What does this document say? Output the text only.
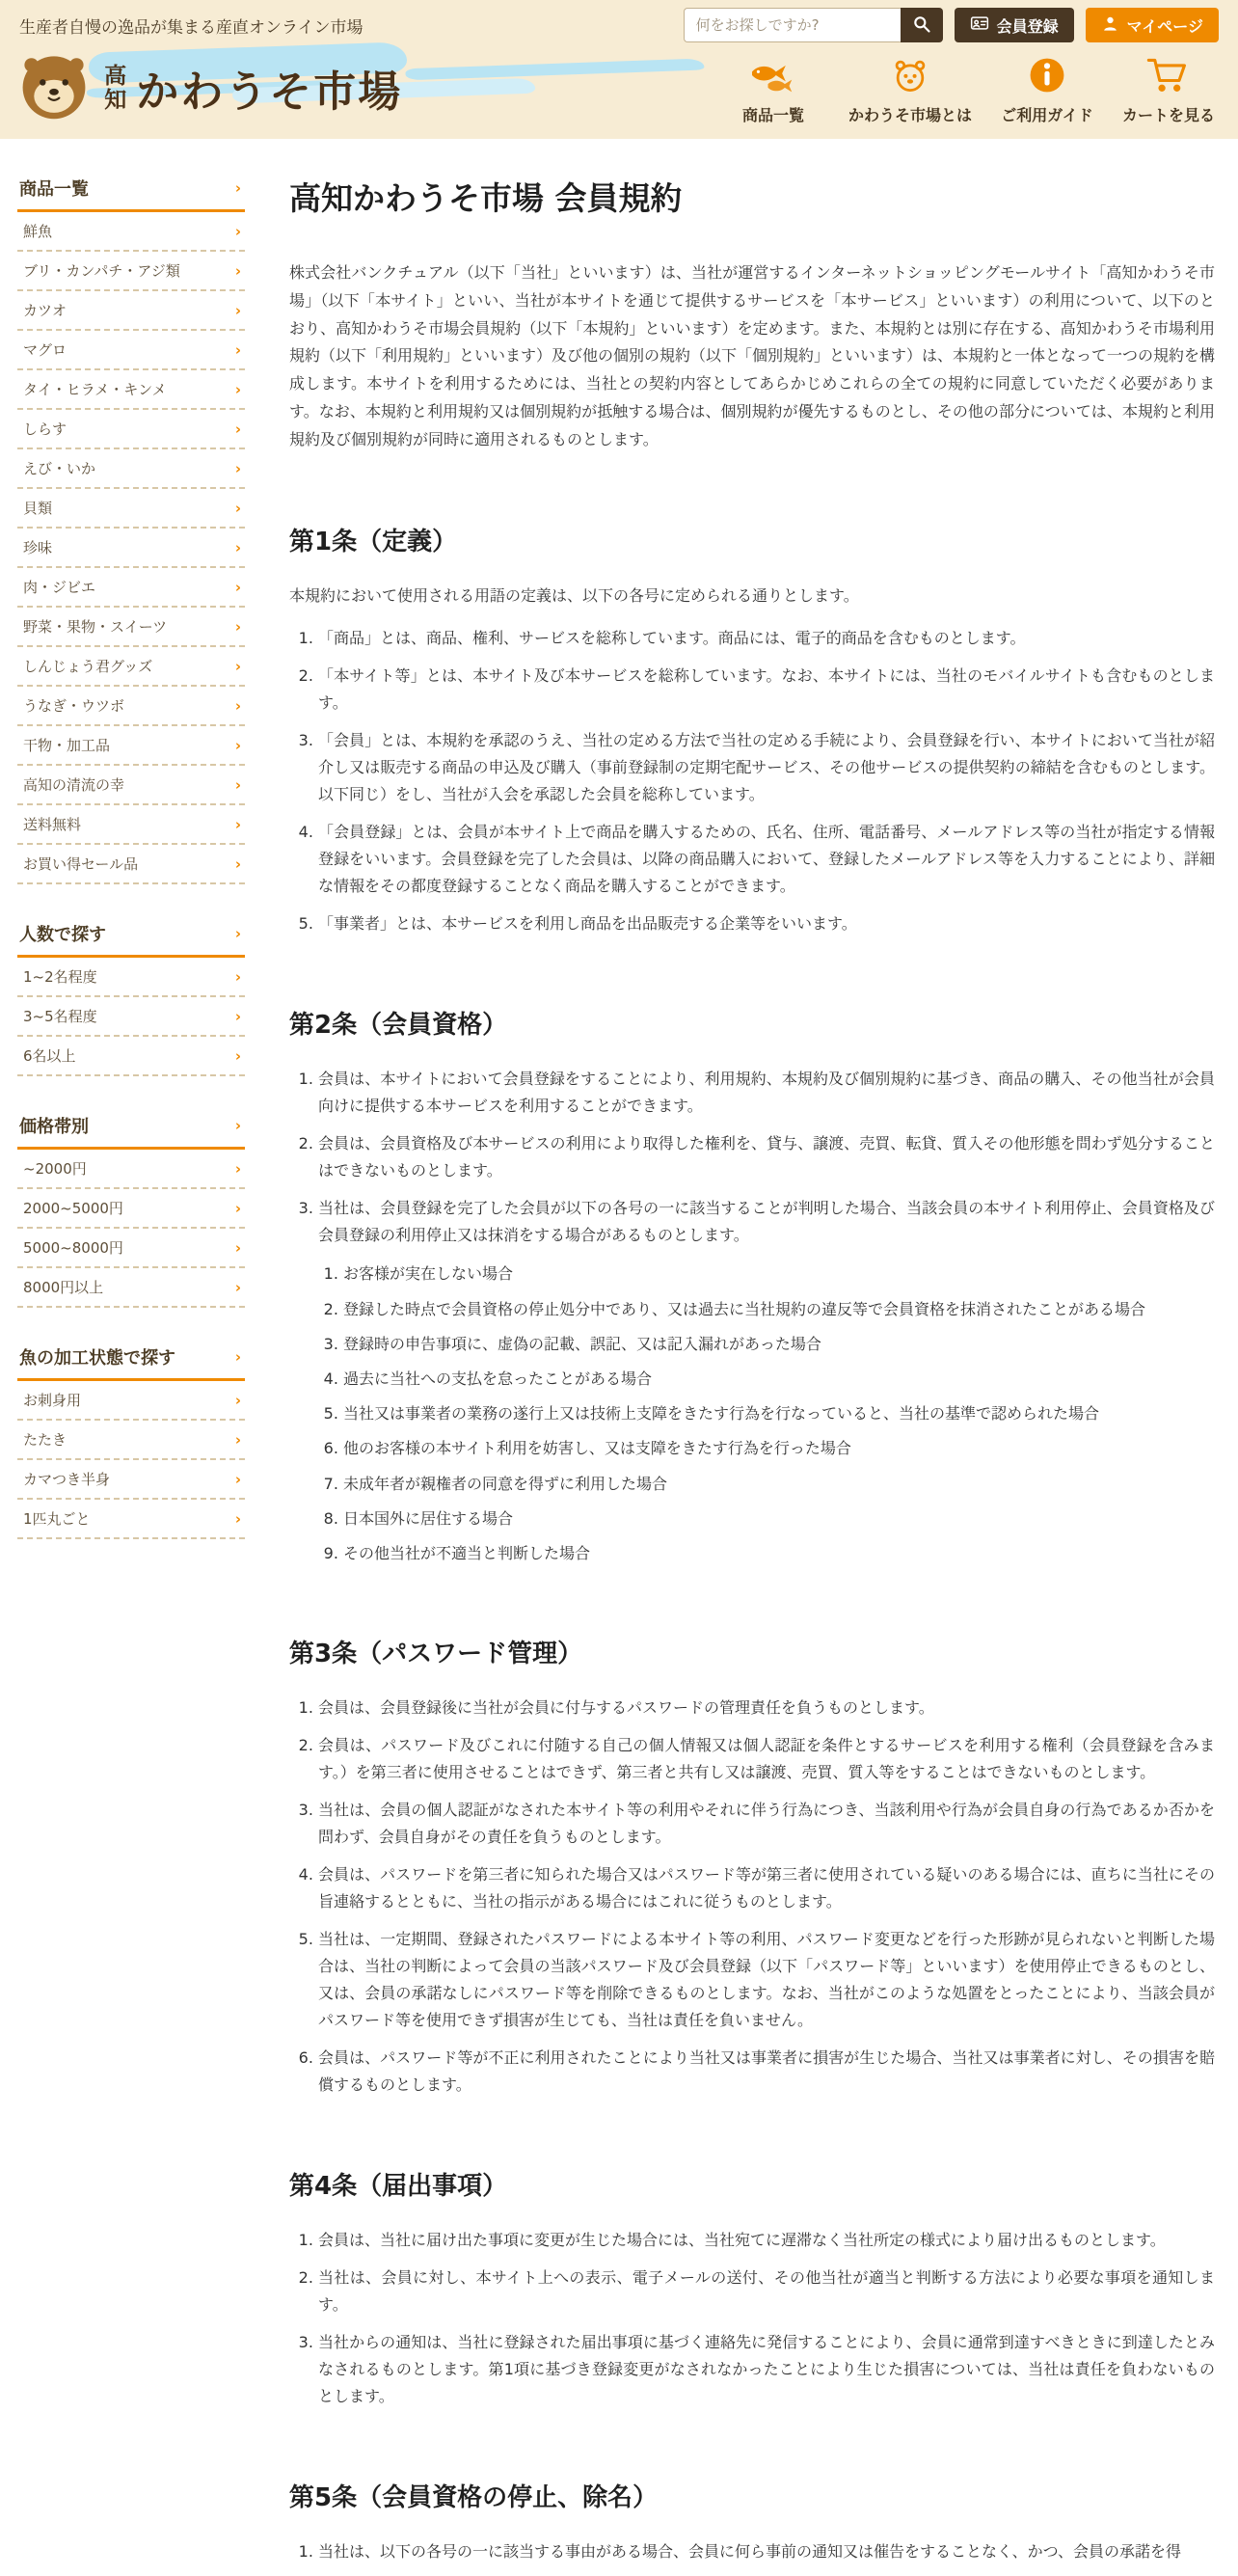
生産者自慢の逸品が集まる産直オンライン市場
何をお探しですか?	会員登録	マイページ
高知 かわうそ市場	商品一覧	かわうそ市場とは ご利用ガイド カートを見る
商品一覧	›
鮮魚	›
ブリ・カンパチ・アジ類	›
カツオ	›
マグロ	›
タイ・ヒラメ・キンメ	›
しらす	›
えび・いか	›
貝類	›
珍味	›
肉・ジビエ	›
野菜・果物・スイーツ	›
しんじょう君グッズ	›
うなぎ・ウツボ	›
干物・加工品	›
高知の清流の幸	›
送料無料	›
お買い得セール品	›
人数で探す	›
1~2名程度	›
3~5名程度	›
6名以上	›
価格帯別	›
~2000円	›
2000~5000円	›
5000~8000円	›
8000円以上	›
魚の加工状態で探す	›
お刺身用	›
たたき	›
カマつき半身	›
1匹丸ごと	›
高知かわうそ市場 会員規約

株式会社バンクチュアル（以下「当社」といいます）は、当社が運営するインターネットショッピングモールサイト「高知かわうそ市場」（以下「本サイト」といい、当社が本サイトを通じて提供するサービスを「本サービス」といいます）の利用について、以下のとおり、高知かわうそ市場会員規約（以下「本規約」といいます）を定めます。また、本規約とは別に存在する、高知かわうそ市場利用規約（以下「利用規約」といいます）及び他の個別の規約（以下「個別規約」といいます）は、本規約と一体となって一つの規約を構成します。本サイトを利用するためには、当社との契約内容としてあらかじめこれらの全ての規約に同意していただく必要があります。なお、本規約と利用規約又は個別規約が抵触する場合は、個別規約が優先するものとし、その他の部分については、本規約と利用規約及び個別規約が同時に適用されるものとします。

第1条（定義）

本規約において使用される用語の定義は、以下の各号に定められる通りとします。

1. 「商品」とは、商品、権利、サービスを総称しています。商品には、電子的商品を含むものとします。
2. 「本サイト等」とは、本サイト及び本サービスを総称しています。なお、本サイトには、当社のモバイルサイトも含むものとします。
3. 「会員」とは、本規約を承認のうえ、当社の定める方法で当社の定める手続により、会員登録を行い、本サイトにおいて当社が紹介し又は販売する商品の申込及び購入（事前登録制の定期宅配サービス、その他サービスの提供契約の締結を含むものとします。以下同じ）をし、当社が入会を承認した会員を総称しています。
4. 「会員登録」とは、会員が本サイト上で商品を購入するための、氏名、住所、電話番号、メールアドレス等の当社が指定する情報登録をいいます。会員登録を完了した会員は、以降の商品購入において、登録したメールアドレス等を入力することにより、詳細な情報をその都度登録することなく商品を購入することができます。
5. 「事業者」とは、本サービスを利用し商品を出品販売する企業等をいいます。
第2条（会員資格）
1. 会員は、本サイトにおいて会員登録をすることにより、利用規約、本規約及び個別規約に基づき、商品の購入、その他当社が会員向けに提供する本サービスを利用することができます。
2. 会員は、会員資格及び本サービスの利用により取得した権利を、貸与、譲渡、売買、転貸、質入その他形態を問わず処分することはできないものとします。
3. 当社は、会員登録を完了した会員が以下の各号の一に該当することが判明した場合、当該会員の本サイト利用停止、会員資格及び会員登録の利用停止又は抹消をする場合があるものとします。
1. お客様が実在しない場合
2. 登録した時点で会員資格の停止処分中であり、又は過去に当社規約の違反等で会員資格を抹消されたことがある場合
3. 登録時の申告事項に、虚偽の記載、誤記、又は記入漏れがあった場合
4. 過去に当社への支払を怠ったことがある場合
5. 当社又は事業者の業務の遂行上又は技術上支障をきたす行為を行なっていると、当社の基準で認められた場合
6. 他のお客様の本サイト利用を妨害し、又は支障をきたす行為を行った場合
7. 未成年者が親権者の同意を得ずに利用した場合
8. 日本国外に居住する場合
9. その他当社が不適当と判断した場合
第3条（パスワード管理）
1. 会員は、会員登録後に当社が会員に付与するパスワードの管理責任を負うものとします。
2. 会員は、パスワード及びこれに付随する自己の個人情報又は個人認証を条件とするサービスを利用する権利（会員登録を含みます。）を第三者に使用させることはできず、第三者と共有し又は譲渡、売買、質入等をすることはできないものとします。
3. 当社は、会員の個人認証がなされた本サイト等の利用やそれに伴う行為につき、当該利用や行為が会員自身の行為であるか否かを問わず、会員自身がその責任を負うものとします。
4. 会員は、パスワードを第三者に知られた場合又はパスワード等が第三者に使用されている疑いのある場合には、直ちに当社にその旨連絡するとともに、当社の指示がある場合にはこれに従うものとします。
5. 当社は、一定期間、登録されたパスワードによる本サイト等の利用、パスワード変更などを行った形跡が見られないと判断した場合は、当社の判断によって会員の当該パスワード及び会員登録（以下「パスワード等」といいます）を使用停止できるものとし、又は、会員の承諾なしにパスワード等を削除できるものとします。なお、当社がこのような処置をとったことにより、当該会員がパスワード等を使用できず損害が生じても、当社は責任を負いません。
6. 会員は、パスワード等が不正に利用されたことにより当社又は事業者に損害が生じた場合、当社又は事業者に対し、その損害を賠償するものとします。
第4条（届出事項）
1. 会員は、当社に届け出た事項に変更が生じた場合には、当社宛てに遅滞なく当社所定の様式により届け出るものとします。
2. 当社は、会員に対し、本サイト上への表示、電子メールの送付、その他当社が適当と判断する方法により必要な事項を通知します。
3. 当社からの通知は、当社に登録された届出事項に基づく連絡先に発信することにより、会員に通常到達すべきときに到達したとみなされるものとします。第1項に基づき登録変更がなされなかったことにより生じた損害については、当社は責任を負わないものとします。
第5条（会員資格の停止、除名）
1. 当社は、以下の各号の一に該当する事由がある場合、会員に何ら事前の通知又は催告をすることなく、かつ、会員の承諾を得
